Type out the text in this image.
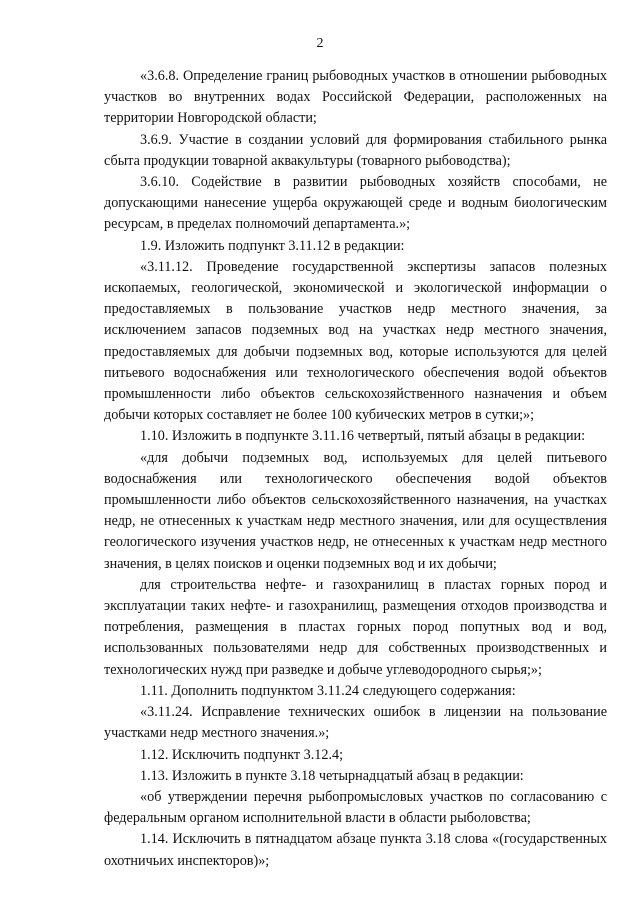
2

«3.6.8. Определение границ рыбоводных участков в отношении рыбоводных участков во внутренних водах Российской Федерации, расположенных на территории Новгородской области;

3.6.9. Участие в создании условий для формирования стабильного рынка сбыта продукции товарной аквакультуры (товарного рыбоводства);

3.6.10. Содействие в развитии рыбоводных хозяйств способами, не допускающими нанесение ущерба окружающей среде и водным биологическим ресурсам, в пределах полномочий департамента.»;

1.9. Изложить подпункт 3.11.12 в редакции:

«3.11.12. Проведение государственной экспертизы запасов полезных ископаемых, геологической, экономической и экологической информации о предоставляемых в пользование участков недр местного значения, за исключением запасов подземных вод на участках недр местного значения, предоставляемых для добычи подземных вод, которые используются для целей питьевого водоснабжения или технологического обеспечения водой объектов промышленности либо объектов сельскохозяйственного назначения и объем добычи которых составляет не более 100 кубических метров в сутки;»;

1.10. Изложить в подпункте 3.11.16 четвертый, пятый абзацы в редакции:

«для добычи подземных вод, используемых для целей питьевого водоснабжения или технологического обеспечения водой объектов промышленности либо объектов сельскохозяйственного назначения, на участках недр, не отнесенных к участкам недр местного значения, или для осуществления геологического изучения участков недр, не отнесенных к участкам недр местного значения, в целях поисков и оценки подземных вод и их добычи;

для строительства нефте- и газохранилищ в пластах горных пород и эксплуатации таких нефте- и газохранилищ, размещения отходов производства и потребления, размещения в пластах горных пород попутных вод и вод, использованных пользователями недр для собственных производственных и технологических нужд при разведке и добыче углеводородного сырья;»;

1.11. Дополнить подпунктом 3.11.24 следующего содержания:

«3.11.24. Исправление технических ошибок в лицензии на пользование участками недр местного значения.»;

1.12. Исключить подпункт 3.12.4;

1.13. Изложить в пункте 3.18 четырнадцатый абзац в редакции:

«об утверждении перечня рыбопромысловых участков по согласованию с федеральным органом исполнительной власти в области рыболовства;

1.14. Исключить в пятнадцатом абзаце пункта 3.18 слова «(государственных охотничьих инспекторов)»;
